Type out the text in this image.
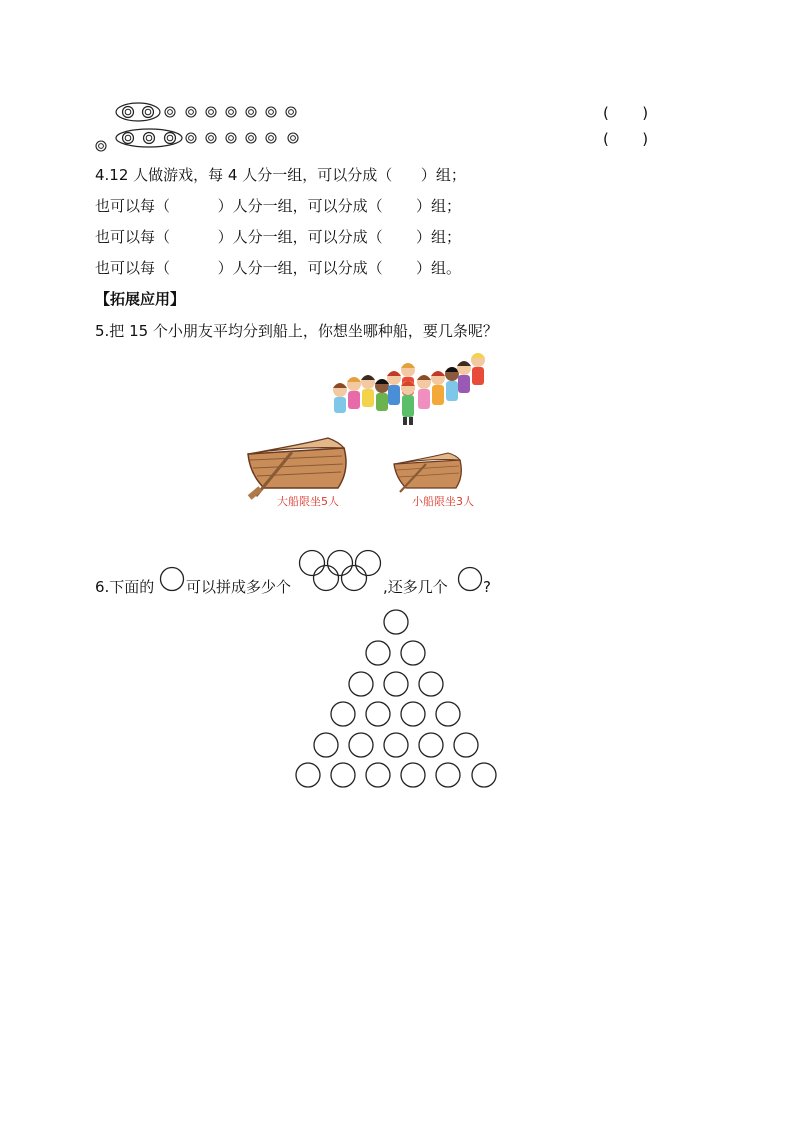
(       )
(       )
4.12 人做游戏，每 4 人分一组，可以分成（      ）组；
也可以每（          ）人分一组，可以分成（       ）组；
也可以每（          ）人分一组，可以分成（       ）组；
也可以每（          ）人分一组，可以分成（       ）组。
【拓展应用】
5.把 15 个小朋友平均分到船上，你想坐哪种船，要几条呢？
大船限坐5人	小船限坐3人
6.下面的 可以拼成多少个	,还多几个 ?
